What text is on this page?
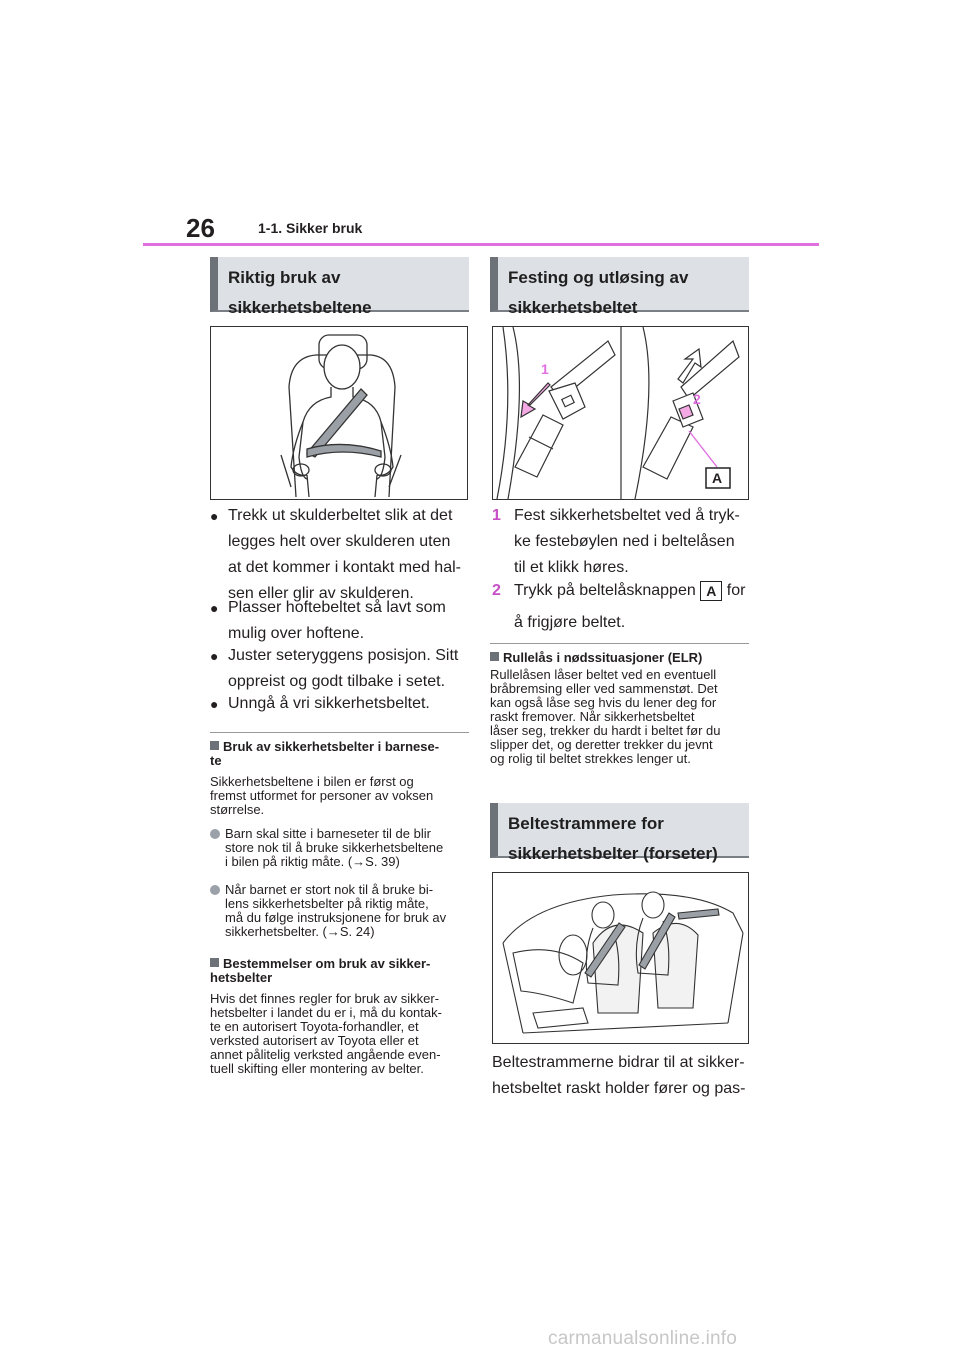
26	1-1. Sikker bruk
Riktig bruk av
sikkerhetsbeltene
● Trekk ut skulderbeltet slik at det
legges helt over skulderen uten
at det kommer i kontakt med hal-
sen eller glir av skulderen.
● Plasser hoftebeltet så lavt som
mulig over hoftene.
● Juster seteryggens posisjon. Sitt
oppreist og godt tilbake i setet.
● Unngå å vri sikkerhetsbeltet.
Bruk av sikkerhetsbelter i barnese-
te
Sikkerhetsbeltene i bilen er først og
fremst utformet for personer av voksen
størrelse.
Barn skal sitte i barneseter til de blir
store nok til å bruke sikkerhetsbeltene
i bilen på riktig måte. (→S. 39)
Når barnet er stort nok til å bruke bi-
lens sikkerhetsbelter på riktig måte,
må du følge instruksjonene for bruk av
sikkerhetsbelter. (→S. 24)
Bestemmelser om bruk av sikker-
hetsbelter
Hvis det finnes regler for bruk av sikker-
hetsbelter i landet du er i, må du kontak-
te en autorisert Toyota-forhandler, et
verksted autorisert av Toyota eller et
annet pålitelig verksted angående even-
tuell skifting eller montering av belter.
Festing og utløsing av
sikkerhetsbeltet
1
2
A
1 Fest sikkerhetsbeltet ved å tryk-
ke festebøylen ned i beltelåsen
til et klikk høres.
2 Trykk på beltelåsknappen A for
å frigjøre beltet.
Rullelås i nødssituasjoner (ELR)
Rullelåsen låser beltet ved en eventuell
bråbremsing eller ved sammenstøt. Det
kan også låse seg hvis du lener deg for
raskt fremover. Når sikkerhetsbeltet
låser seg, trekker du hardt i beltet før du
slipper det, og deretter trekker du jevnt
og rolig til beltet strekkes lenger ut.
Beltestrammere for
sikkerhetsbelter (forseter)
Beltestrammerne bidrar til at sikker-
hetsbeltet raskt holder fører og pas-
carmanualsonline.info
